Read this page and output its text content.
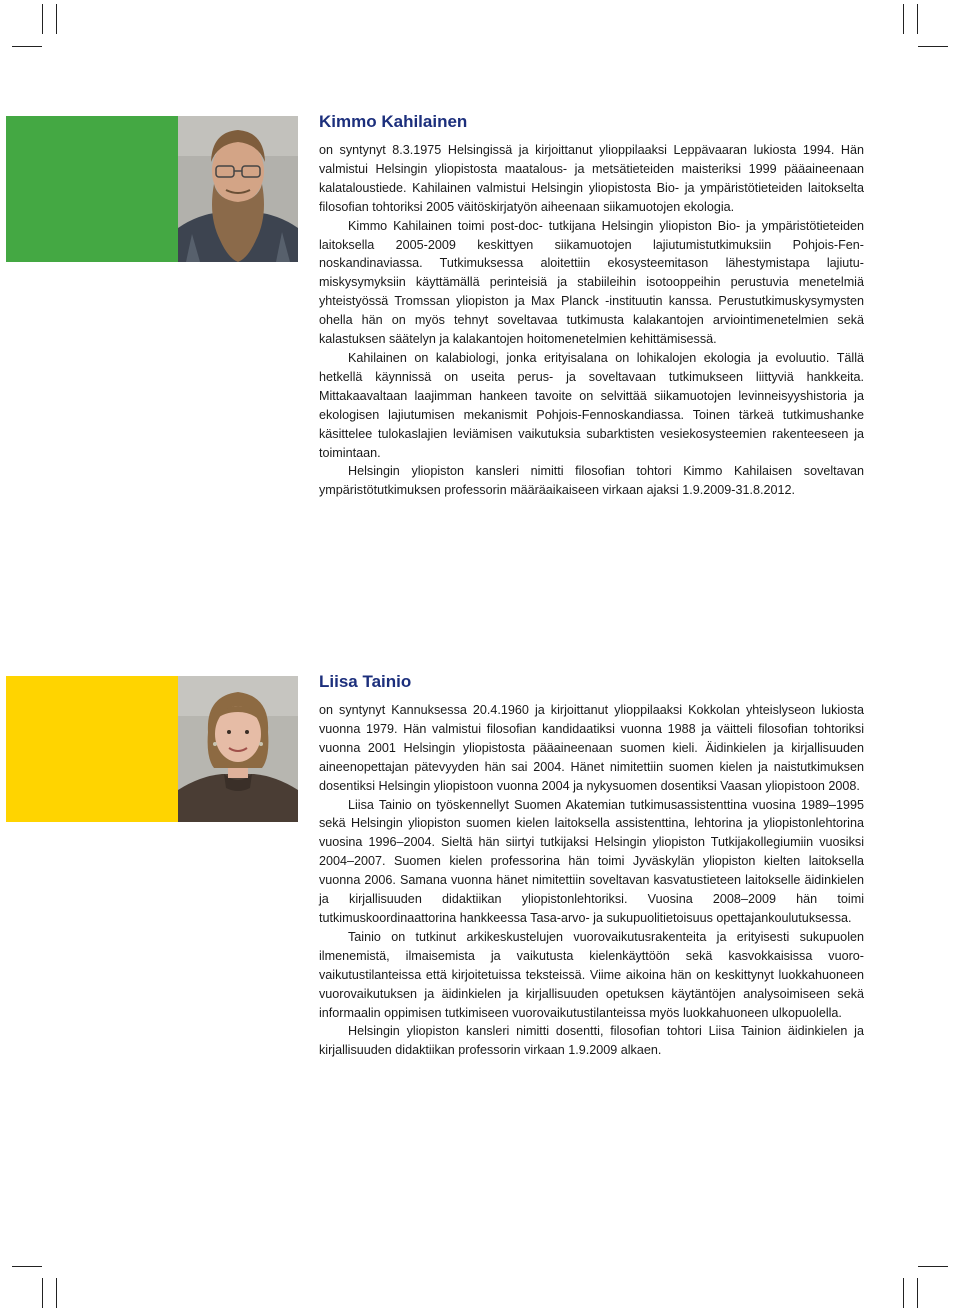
Kimmo Kahilainen

on syntynyt 8.3.1975 Helsingissä ja kirjoittanut ylioppilaaksi Leppävaaran lukiosta 1994. Hän valmistui Helsingin yliopistosta maatalous- ja metsätieteiden maisteriksi 1999 pääaineenaan kalataloustiede. Kahilainen valmistui Helsingin yliopistosta Bio- ja ympäristötieteiden laitokselta filosofian tohtoriksi 2005 väitöskirjatyön aiheenaan siikamuotojen ekologia.

Kimmo Kahilainen toimi post-doc- tutkijana Helsingin yliopiston Bio- ja ympäristötieteiden laitoksella 2005-2009 keskittyen siikamuotojen lajiutumistutkimuksiin Pohjois-Fennoskandinaviassa. Tutkimuksessa aloitettiin ekosysteemitason lähestymistapa lajiutumiskysymyksiin käyttämällä perinteisiä ja stabiileihin isotooppeihin perustuvia menetelmiä yhteistyössä Tromssan yliopiston ja Max Planck -instituutin kanssa. Perustutkimuskysymysten ohella hän on myös tehnyt soveltavaa tutkimusta kalakantojen arviointimenetelmien sekä kalastuksen säätelyn ja kalakantojen hoitomenetelmien kehittämisessä.

Kahilainen on kalabiologi, jonka erityisalana on lohikalojen ekologia ja evoluutio. Tällä hetkellä käynnissä on useita perus- ja soveltavaan tutkimukseen liittyviä hankkeita. Mittakaavaltaan laajimman hankeen tavoite on selvittää siikamuotojen levinneisyyshistoria ja ekologisen lajiutumisen mekanismit Pohjois-Fennoskandiassa. Toinen tärkeä tutkimushanke käsittelee tulokaslajien leviämisen vaikutuksia subarktisten vesiekosysteemien rakenteeseen ja toimintaan.

Helsingin yliopiston kansleri nimitti filosofian tohtori Kimmo Kahilaisen soveltavan ympäristötutkimuksen professorin määräaikaiseen virkaan ajaksi 1.9.2009-31.8.2012.

Liisa Tainio

on syntynyt Kannuksessa 20.4.1960 ja kirjoittanut ylioppilaaksi Kokkolan yhteislyseon lukiosta vuonna 1979. Hän valmistui filosofian kandidaatiksi vuonna 1988 ja väitteli filosofian tohtoriksi vuonna 2001 Helsingin yliopistosta pääaineenaan suomen kieli. Äidinkielen ja kirjallisuuden aineenopettajan pätevyyden hän sai 2004. Hänet nimitettiin suomen kielen ja naistutkimuksen dosentiksi Helsingin yliopistoon vuonna 2004 ja nykysuomen dosentiksi Vaasan yliopistoon 2008.

Liisa Tainio on työskennellyt Suomen Akatemian tutkimusassistenttina vuosina 1989–1995 sekä Helsingin yliopiston suomen kielen laitoksella assistenttina, lehtorina ja yliopistonlehtorina vuosina 1996–2004. Sieltä hän siirtyi tutkijaksi Helsingin yliopiston Tutkijakollegiumiin vuosiksi 2004–2007. Suomen kielen professorina hän toimi Jyväskylän yliopiston kielten laitoksella vuonna 2006. Samana vuonna hänet nimitettiin soveltavan kasvatustieteen laitokselle äidinkielen ja kirjallisuuden didaktiikan yliopistonlehtoriksi. Vuosina 2008–2009 hän toimi tutkimuskoordinaattorina hankkeessa Tasa-arvo- ja sukupuolitietoisuus opettajankoulutuksessa.

Tainio on tutkinut arkikeskustelujen vuorovaikutusrakenteita ja erityisesti sukupuolen ilmenemistä, ilmaisemista ja vaikutusta kielenkäyttöön sekä kasvokkaisissa vuorovaikutustilanteissa että kirjoitetuissa teksteissä. Viime aikoina hän on keskittynyt luokkahuoneen vuorovaikutuksen ja äidinkielen ja kirjallisuuden opetuksen käytäntöjen analysoimiseen sekä informaalin oppimisen tutkimiseen vuorovaikutustilanteissa myös luokkahuoneen ulkopuolella.

Helsingin yliopiston kansleri nimitti dosentti, filosofian tohtori Liisa Tainion äidinkielen ja kirjallisuuden didaktiikan professorin virkaan 1.9.2009 alkaen.
